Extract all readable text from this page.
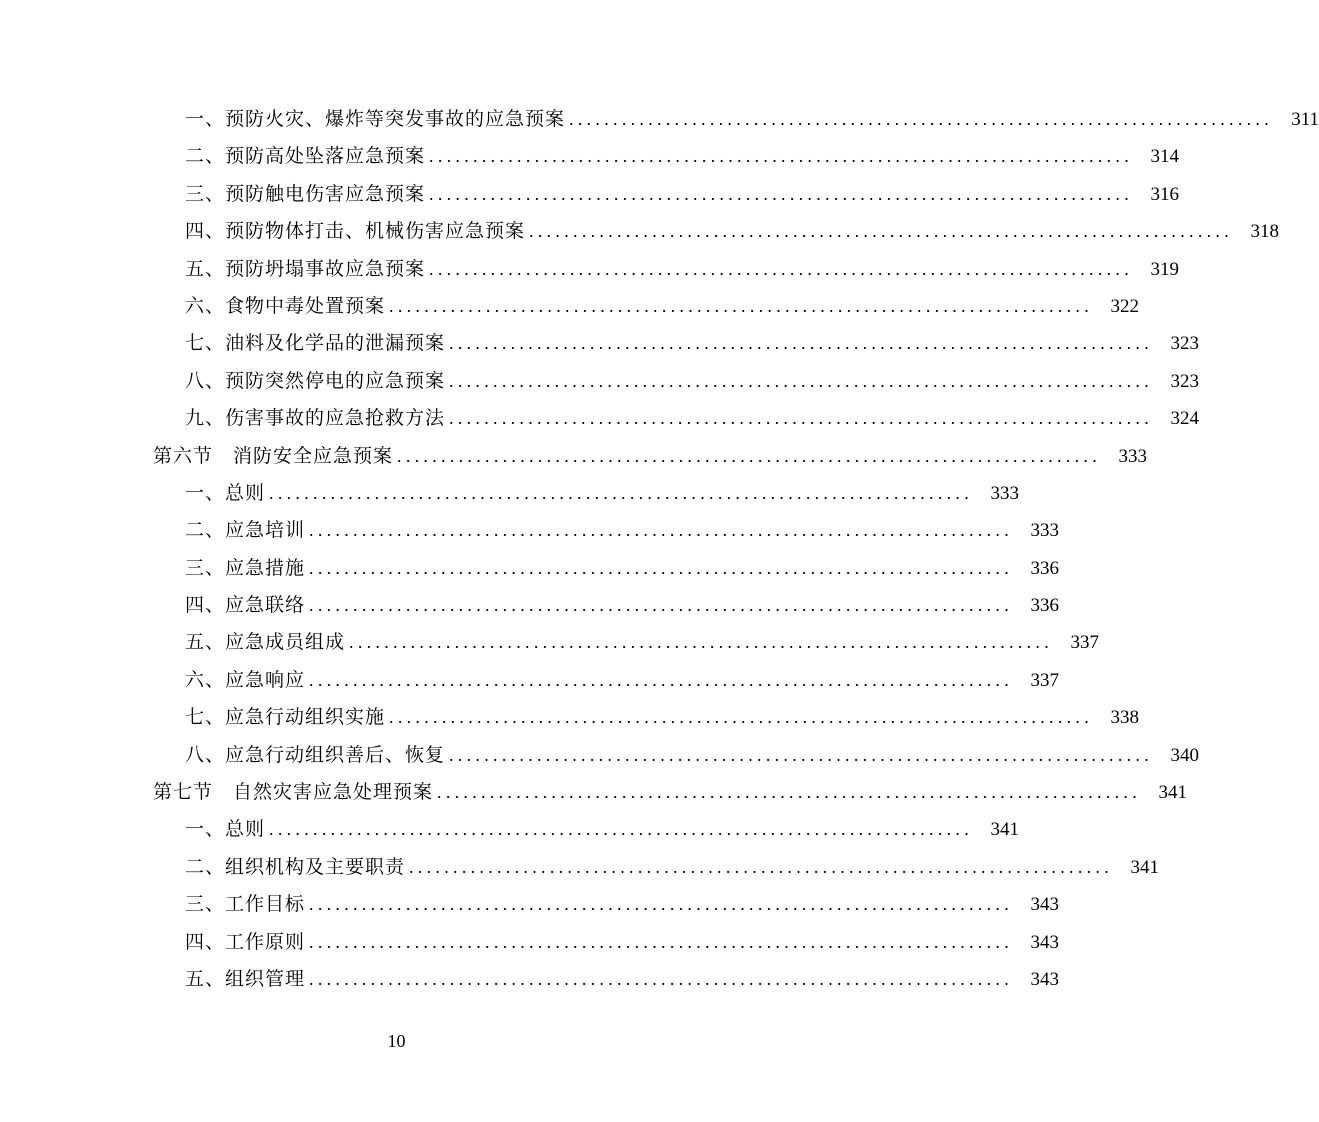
一、预防火灾、爆炸等突发事故的应急预案 ................................................................................ 311
二、预防高处坠落应急预案 ................................................................................ 314
三、预防触电伤害应急预案 ................................................................................ 316
四、预防物体打击、机械伤害应急预案 ................................................................................ 318
五、预防坍塌事故应急预案 ................................................................................ 319
六、食物中毒处置预案 ................................................................................ 322
七、油料及化学品的泄漏预案 ................................................................................ 323
八、预防突然停电的应急预案 ................................................................................ 323
九、伤害事故的应急抢救方法 ................................................................................ 324
第六节　消防安全应急预案 ................................................................................ 333
一、总则 ................................................................................ 333
二、应急培训 ................................................................................ 333
三、应急措施 ................................................................................ 336
四、应急联络 ................................................................................ 336
五、应急成员组成 ................................................................................ 337
六、应急响应 ................................................................................ 337
七、应急行动组织实施 ................................................................................ 338
八、应急行动组织善后、恢复 ................................................................................ 340
第七节　自然灾害应急处理预案 ................................................................................ 341
一、总则 ................................................................................ 341
二、组织机构及主要职责 ................................................................................ 341
三、工作目标 ................................................................................ 343
四、工作原则 ................................................................................ 343
五、组织管理 ................................................................................ 343
10
